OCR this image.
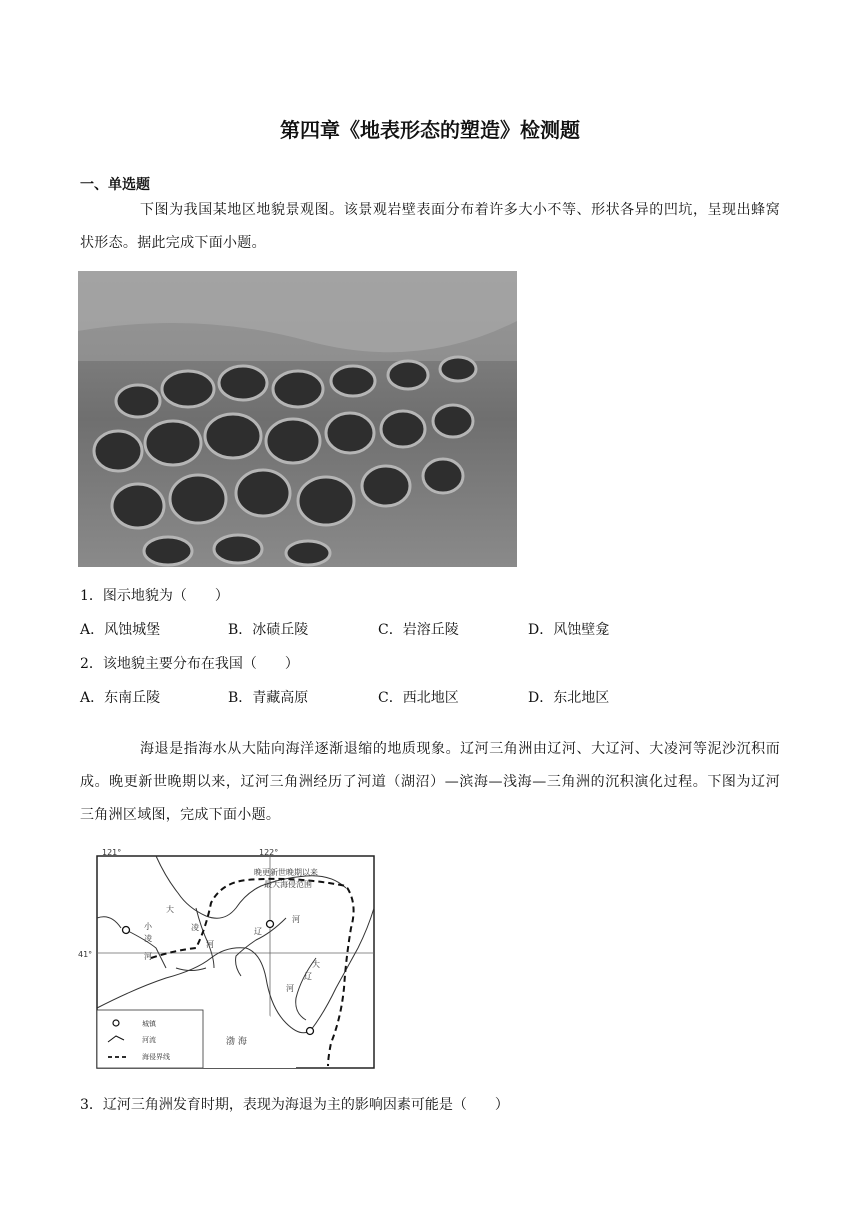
第四章《地表形态的塑造》检测题
一、单选题
下图为我国某地区地貌景观图。该景观岩壁表面分布着许多大小不等、形状各异的凹坑，呈现出蜂窝状形态。据此完成下面小题。
1．图示地貌为（　　）
A．风蚀城堡	B．冰碛丘陵	C．岩溶丘陵	D．风蚀壁龛
2．该地貌主要分布在我国（　　）
A．东南丘陵	B．青藏高原	C．西北地区	D．东北地区
海退是指海水从大陆向海洋逐渐退缩的地质现象。辽河三角洲由辽河、大辽河、大凌河等泥沙沉积而成。晚更新世晚期以来，辽河三角洲经历了河道（湖沼）—滨海—浅海—三角洲的沉积演化过程。下图为辽河三角洲区域图，完成下面小题。
121°	122°
41°
晚更新世晚期以来
最大海侵范围
小
凌
河
大
凌
河
辽
河
大
辽
河
渤 海
城镇
河流
海侵界线
3．辽河三角洲发育时期，表现为海退为主的影响因素可能是（　　）
